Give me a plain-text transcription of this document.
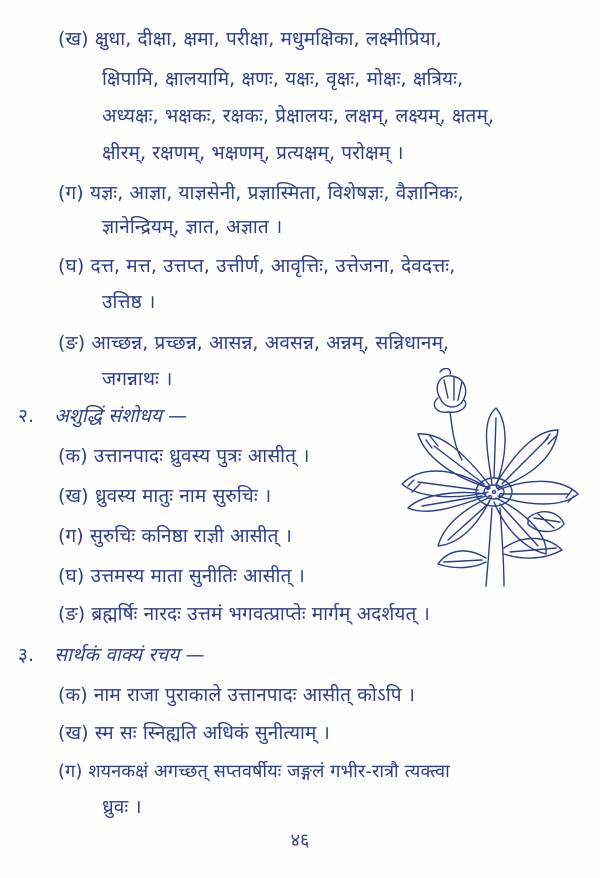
(ख) क्षुधा, दीक्षा, क्षमा, परीक्षा, मधुमक्षिका, लक्ष्मीप्रिया,
क्षिपामि, क्षालयामि, क्षणः, यक्षः, वृक्षः, मोक्षः, क्षत्रियः,
अध्यक्षः, भक्षकः, रक्षकः, प्रेक्षालयः, लक्षम्, लक्ष्यम्, क्षतम्,
क्षीरम्, रक्षणम्, भक्षणम्, प्रत्यक्षम्, परोक्षम् ।
(ग) यज्ञः, आज्ञा, याज्ञसेनी, प्रज्ञास्मिता, विशेषज्ञः, वैज्ञानिकः,
ज्ञानेन्द्रियम्, ज्ञात, अज्ञात ।
(घ) दत्त, मत्त, उत्तप्त, उत्तीर्ण, आवृत्तिः, उत्तेजना, देवदत्तः,
उत्तिष्ठ ।
(ङ) आच्छन्न, प्रच्छन्न, आसन्न, अवसन्न, अन्नम्, सन्निधानम्,
जगन्नाथः ।
२. अशुद्धिं संशोधय —
(क) उत्तानपादः ध्रुवस्य पुत्रः आसीत् ।
(ख) ध्रुवस्य मातुः नाम सुरुचिः ।
(ग) सुरुचिः कनिष्ठा राज्ञी आसीत् ।
(घ) उत्तमस्य माता सुनीतिः आसीत् ।
(ङ) ब्रह्मर्षिः नारदः उत्तमं भगवत्प्राप्तेः मार्गम् अदर्शयत् ।
३. सार्थकं वाक्यं रचय —
(क) नाम राजा पुराकाले उत्तानपादः आसीत् कोऽपि ।
(ख) स्म सः स्निह्यति अधिकं सुनीत्याम् ।
(ग) शयनकक्षं अगच्छत् सप्तवर्षीयः जङ्गलं गभीर-रात्रौ त्यक्त्वा
ध्रुवः ।
४६
